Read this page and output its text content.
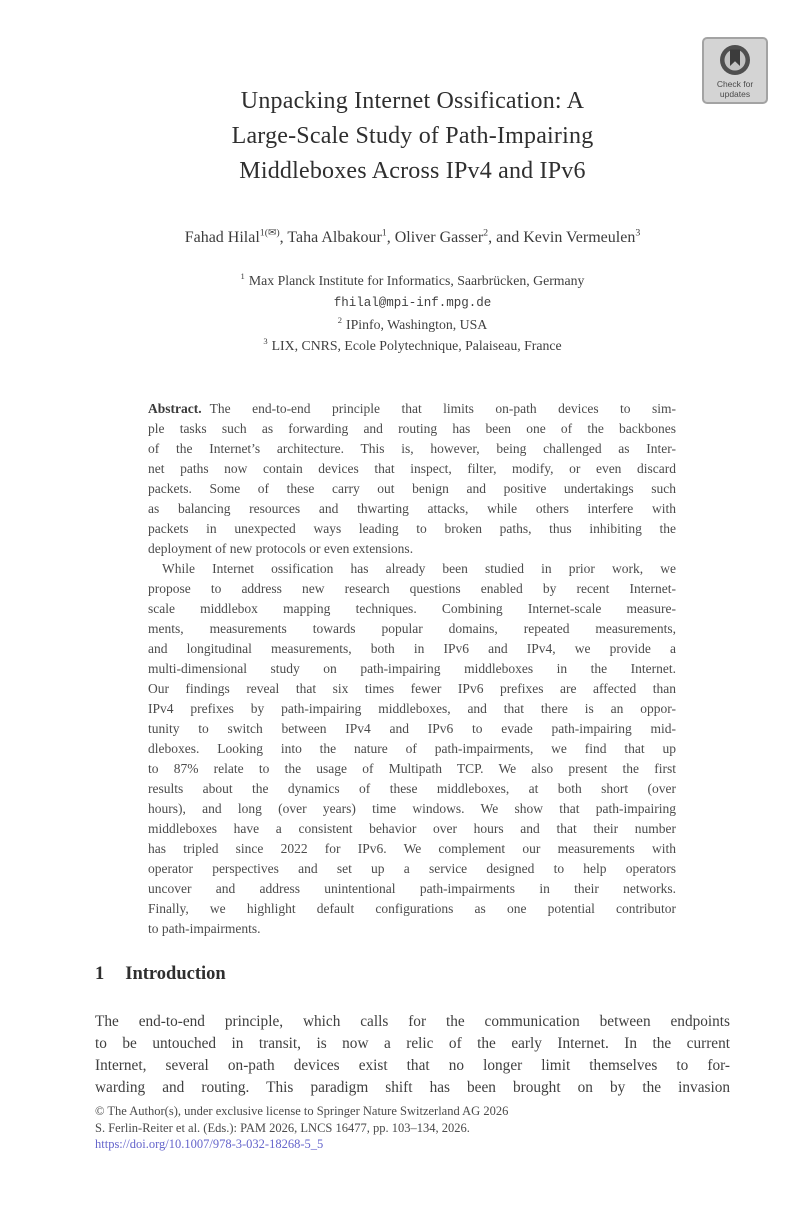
Check for
updates
Unpacking Internet Ossification: A
Large-Scale Study of Path-Impairing
Middleboxes Across IPv4 and IPv6
Fahad Hilal$^{1(✉)}$, Taha Albakour$^1$, Oliver Gasser$^2$, and Kevin Vermeulen$^3$
$^1$ Max Planck Institute for Informatics, Saarbrücken, Germany
fhilal@mpi-inf.mpg.de
$^2$ IPinfo, Washington, USA
$^3$ LIX, CNRS, Ecole Polytechnique, Palaiseau, France
Abstract. The end-to-end principle that limits on-path devices to sim-
ple tasks such as forwarding and routing has been one of the backbones
of the Internet’s architecture. This is, however, being challenged as Inter-
net paths now contain devices that inspect, filter, modify, or even discard
packets. Some of these carry out benign and positive undertakings such
as balancing resources and thwarting attacks, while others interfere with
packets in unexpected ways leading to broken paths, thus inhibiting the
deployment of new protocols or even extensions.
While Internet ossification has already been studied in prior work, we
propose to address new research questions enabled by recent Internet-
scale middlebox mapping techniques. Combining Internet-scale measure-
ments, measurements towards popular domains, repeated measurements,
and longitudinal measurements, both in IPv6 and IPv4, we provide a
multi-dimensional study on path-impairing middleboxes in the Internet.
Our findings reveal that six times fewer IPv6 prefixes are affected than
IPv4 prefixes by path-impairing middleboxes, and that there is an oppor-
tunity to switch between IPv4 and IPv6 to evade path-impairing mid-
dleboxes. Looking into the nature of path-impairments, we find that up
to 87% relate to the usage of Multipath TCP. We also present the first
results about the dynamics of these middleboxes, at both short (over
hours), and long (over years) time windows. We show that path-impairing
middleboxes have a consistent behavior over hours and that their number
has tripled since 2022 for IPv6. We complement our measurements with
operator perspectives and set up a service designed to help operators
uncover and address unintentional path-impairments in their networks.
Finally, we highlight default configurations as one potential contributor
to path-impairments.
1 Introduction
The end-to-end principle, which calls for the communication between endpoints
to be untouched in transit, is now a relic of the early Internet. In the current
Internet, several on-path devices exist that no longer limit themselves to for-
warding and routing. This paradigm shift has been brought on by the invasion
© The Author(s), under exclusive license to Springer Nature Switzerland AG 2026
S. Ferlin-Reiter et al. (Eds.): PAM 2026, LNCS 16477, pp. 103–134, 2026.
https://doi.org/10.1007/978-3-032-18268-5_5
